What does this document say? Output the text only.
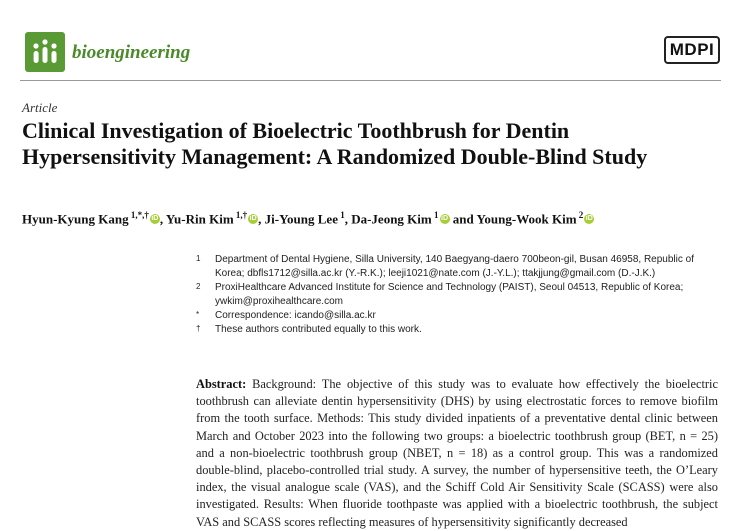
bioengineering	MDPI
Article
Clinical Investigation of Bioelectric Toothbrush for Dentin Hypersensitivity Management: A Randomized Double-Blind Study
Hyun-Kyung Kang $^{1,*,\dagger}$ iD , Yu-Rin Kim $^{1,\dagger}$ iD , Ji-Young Lee $^1$, Da-Jeong Kim $^1$ iD and Young-Wook Kim $^2$ iD
1 Department of Dental Hygiene, Silla University, 140 Baegyang-daero 700beon-gil, Busan 46958, Republic of Korea; dbfls1712@silla.ac.kr (Y.-R.K.); leeji1021@nate.com (J.-Y.L.); ttakjjung@gmail.com (D.-J.K.)
2 ProxiHealthcare Advanced Institute for Science and Technology (PAIST), Seoul 04513, Republic of Korea; ywkim@proxihealthcare.com
* Correspondence: icando@silla.ac.kr
† These authors contributed equally to this work.
Abstract: Background: The objective of this study was to evaluate how effectively the bioelectric toothbrush can alleviate dentin hypersensitivity (DHS) by using electrostatic forces to remove biofilm from the tooth surface. Methods: This study divided inpatients of a preventative dental clinic between March and October 2023 into the following two groups: a bioelectric toothbrush group (BET, n = 25) and a non-bioelectric toothbrush group (NBET, n = 18) as a control group. This was a randomized double-blind, placebo-controlled trial study. A survey, the number of hypersensitive teeth, the O’Leary index, the visual analogue scale (VAS), and the Schiff Cold Air Sensitivity Scale (SCASS) were also investigated. Results: When fluoride toothpaste was applied with a bioelectric toothbrush, the subject VAS and SCASS scores reflecting measures of hypersensitivity significantly decreased
